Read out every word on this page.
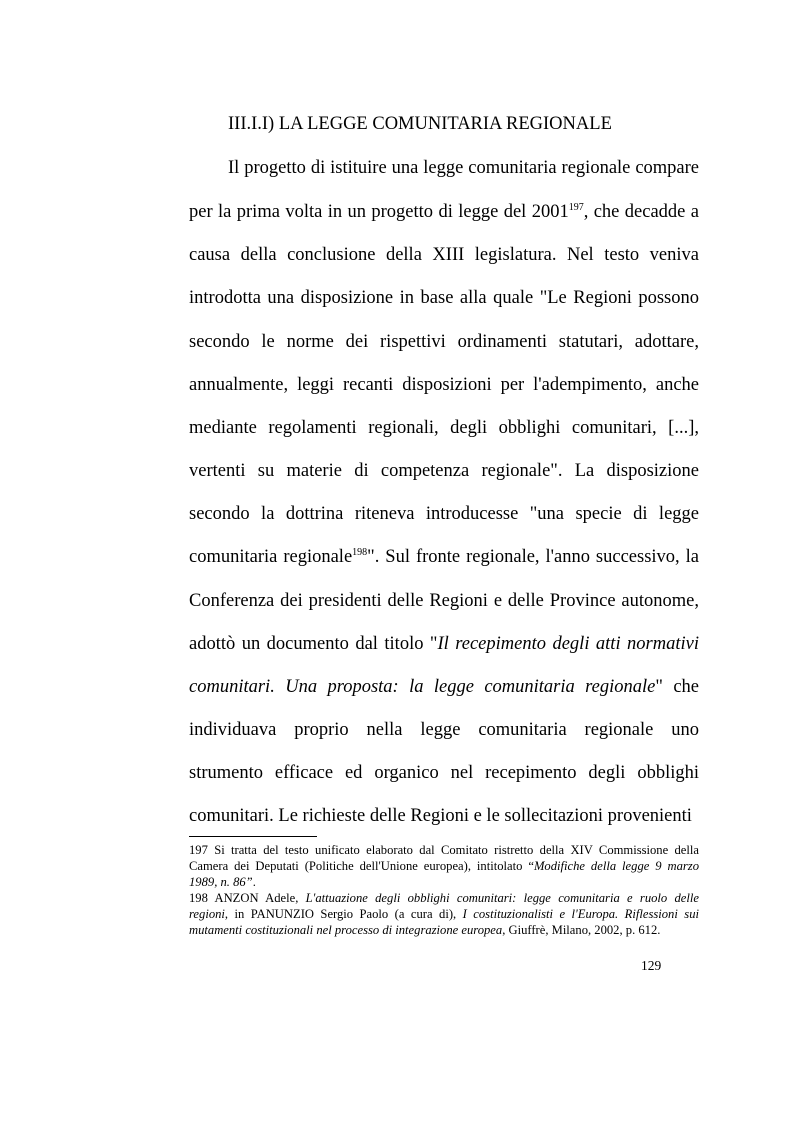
III.I.I) LA LEGGE COMUNITARIA REGIONALE
Il progetto di istituire una legge comunitaria regionale compare
per la prima volta in un progetto di legge del 2001$^{197}$, che decadde a
causa della conclusione della XIII legislatura. Nel testo veniva
introdotta una disposizione in base alla quale "Le Regioni possono
secondo le norme dei rispettivi ordinamenti statutari, adottare,
annualmente, leggi recanti disposizioni per l'adempimento, anche
mediante regolamenti regionali, degli obblighi comunitari, [...],
vertenti su materie di competenza regionale". La disposizione
secondo la dottrina riteneva introducesse "una specie di legge
comunitaria regionale$^{198}$". Sul fronte regionale, l'anno successivo, la
Conferenza dei presidenti delle Regioni e delle Province autonome,
adottò un documento dal titolo "Il recepimento degli atti normativi
comunitari. Una proposta: la legge comunitaria regionale" che
individuava proprio nella legge comunitaria regionale uno
strumento efficace ed organico nel recepimento degli obblighi
comunitari. Le richieste delle Regioni e le sollecitazioni provenienti
197 Si tratta del testo unificato elaborato dal Comitato ristretto della XIV Commissione della
Camera dei Deputati (Politiche dell'Unione europea), intitolato “Modifiche della legge 9 marzo
1989, n. 86”.
198 ANZON Adele, L'attuazione degli obblighi comunitari: legge comunitaria e ruolo delle
regioni, in PANUNZIO Sergio Paolo (a cura di), I costituzionalisti e l'Europa. Riflessioni sui
mutamenti costituzionali nel processo di integrazione europea, Giuffrè, Milano, 2002, p. 612.
129
